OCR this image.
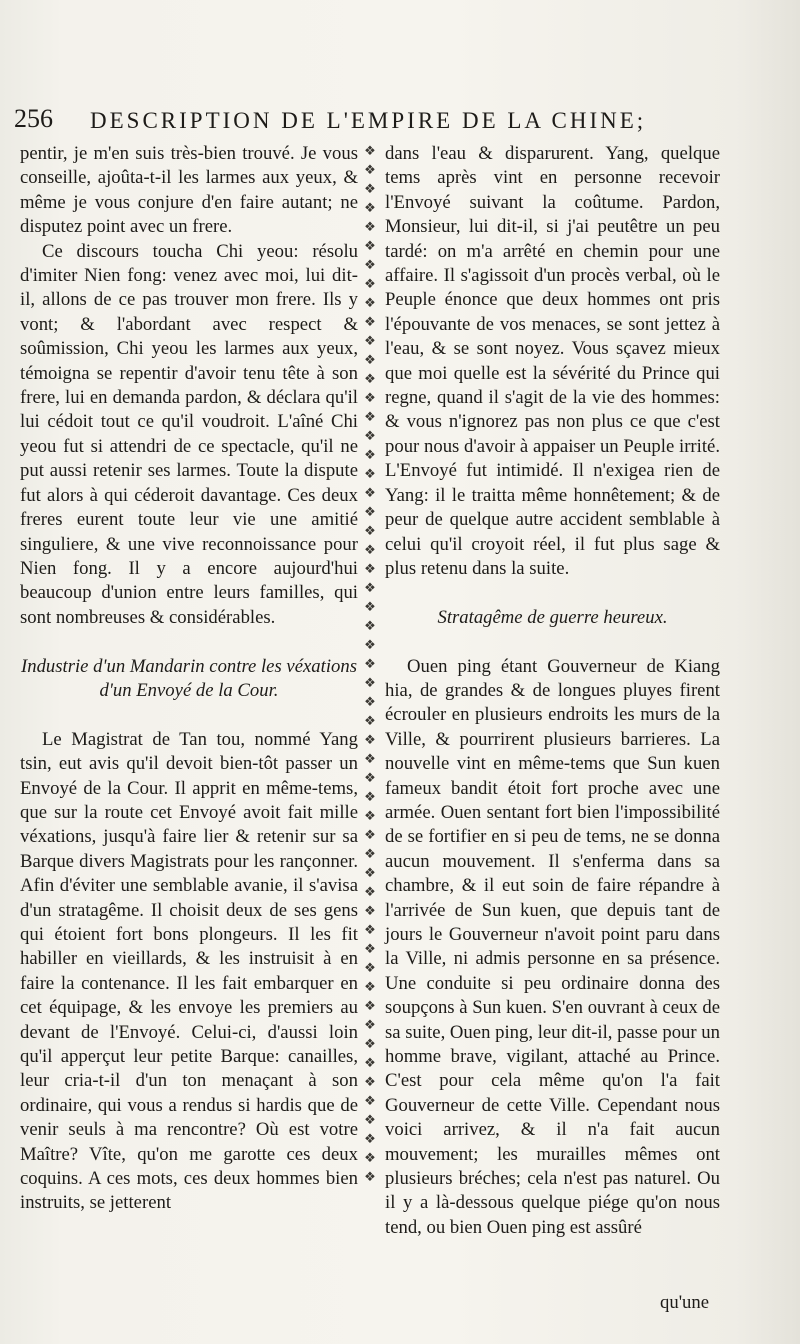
256 DESCRIPTION DE L'EMPIRE DE LA CHINE;

pentir, je m'en suis très-bien trouvé. Je vous conseille, ajoûta-t-il les larmes aux yeux, & même je vous conjure d'en faire autant; ne disputez point avec un frere.

Ce discours toucha Chi yeou: résolu d'imiter Nien fong: venez avec moi, lui dit-il, allons de ce pas trouver mon frere. Ils y vont; & l'abordant avec respect & soûmission, Chi yeou les larmes aux yeux, témoigna se repentir d'avoir tenu tête à son frere, lui en demanda pardon, & déclara qu'il lui cédoit tout ce qu'il voudroit. L'aîné Chi yeou fut si attendri de ce spectacle, qu'il ne put aussi retenir ses larmes. Toute la dispute fut alors à qui céderoit davantage. Ces deux freres eurent toute leur vie une amitié singuliere, & une vive reconnoissance pour Nien fong. Il y a encore aujourd'hui beaucoup d'union entre leurs familles, qui sont nombreuses & considérables.

Industrie d'un Mandarin contre les véxations d'un Envoyé de la Cour.

Le Magistrat de Tan tou, nommé Yang tsin, eut avis qu'il devoit bien-tôt passer un Envoyé de la Cour. Il apprit en même-tems, que sur la route cet Envoyé avoit fait mille véxations, jusqu'à faire lier & retenir sur sa Barque divers Magistrats pour les rançonner. Afin d'éviter une semblable avanie, il s'avisa d'un stratagême. Il choisit deux de ses gens qui étoient fort bons plongeurs. Il les fit habiller en vieillards, & les instruisit à en faire la contenance. Il les fait embarquer en cet équipage, & les envoye les premiers au devant de l'Envoyé. Celui-ci, d'aussi loin qu'il apperçut leur petite Barque: canailles, leur cria-t-il d'un ton menaçant à son ordinaire, qui vous a rendus si hardis que de venir seuls à ma rencontre? Où est votre Maître? Vîte, qu'on me garotte ces deux coquins. A ces mots, ces deux hommes bien instruits, se jetterent

❖
❖
❖
❖
❖
❖
❖
❖
❖
❖
❖
❖
❖
❖
❖
❖
❖
❖
❖
❖
❖
❖
❖
❖
❖
❖
❖
❖
❖
❖
❖
❖
❖
❖
❖
❖
❖
❖
❖
❖
❖
❖
❖
❖
❖
❖
❖
❖
❖
❖
❖
❖
❖
❖
❖

dans l'eau & disparurent. Yang, quelque tems après vint en personne recevoir l'Envoyé suivant la coûtume. Pardon, Monsieur, lui dit-il, si j'ai peutêtre un peu tardé: on m'a arrêté en chemin pour une affaire. Il s'agissoit d'un procès verbal, où le Peuple énonce que deux hommes ont pris l'épouvante de vos menaces, se sont jettez à l'eau, & se sont noyez. Vous sçavez mieux que moi quelle est la sévérité du Prince qui regne, quand il s'agit de la vie des hommes: & vous n'ignorez pas non plus ce que c'est pour nous d'avoir à appaiser un Peuple irrité. L'Envoyé fut intimidé. Il n'exigea rien de Yang: il le traitta même honnêtement; & de peur de quelque autre accident semblable à celui qu'il croyoit réel, il fut plus sage & plus retenu dans la suite.

Stratagême de guerre heureux.

Ouen ping étant Gouverneur de Kiang hia, de grandes & de longues pluyes firent écrouler en plusieurs endroits les murs de la Ville, & pourrirent plusieurs barrieres. La nouvelle vint en même-tems que Sun kuen fameux bandit étoit fort proche avec une armée. Ouen sentant fort bien l'impossibilité de se fortifier en si peu de tems, ne se donna aucun mouvement. Il s'enferma dans sa chambre, & il eut soin de faire répandre à l'arrivée de Sun kuen, que depuis tant de jours le Gouverneur n'avoit point paru dans la Ville, ni admis personne en sa présence. Une conduite si peu ordinaire donna des soupçons à Sun kuen. S'en ouvrant à ceux de sa suite, Ouen ping, leur dit-il, passe pour un homme brave, vigilant, attaché au Prince. C'est pour cela même qu'on l'a fait Gouverneur de cette Ville. Cependant nous voici arrivez, & il n'a fait aucun mouvement; les murailles mêmes ont plusieurs bréches; cela n'est pas naturel. Ou il y a là-dessous quelque piége qu'on nous tend, ou bien Ouen ping est assûré

qu'une
